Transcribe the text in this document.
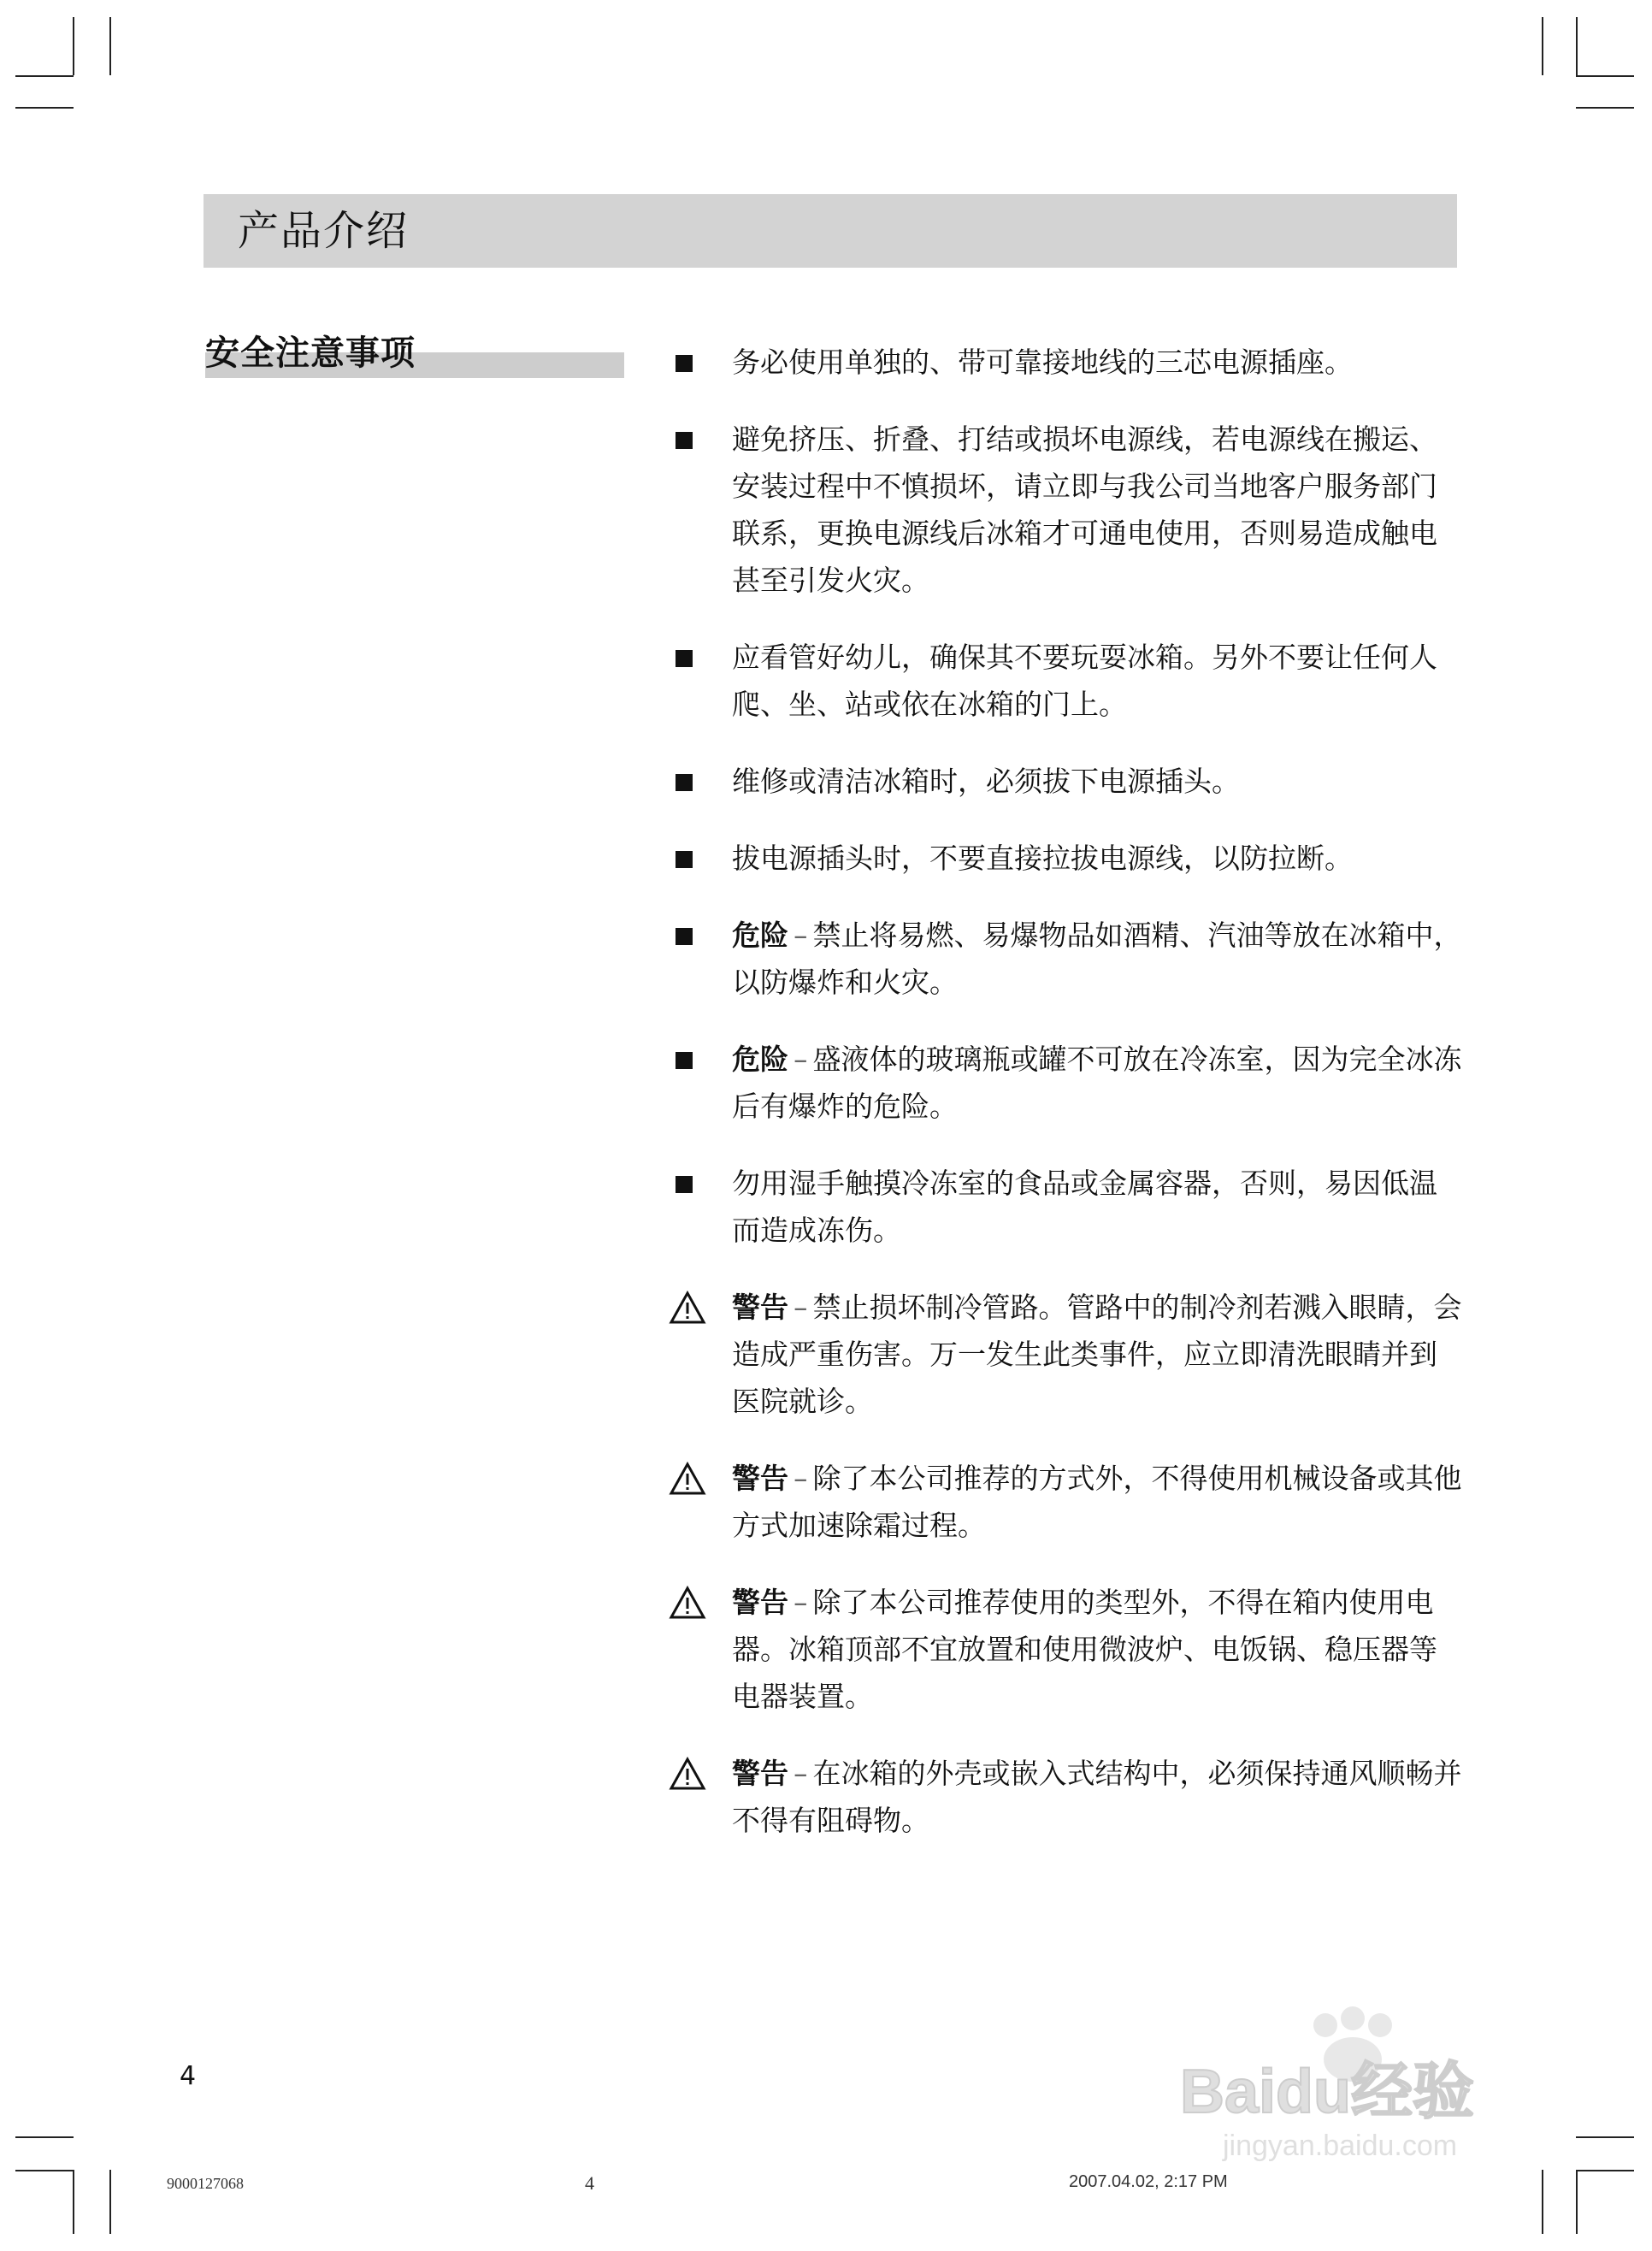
产品介绍
安全注意事项	务必使用单独的、带可靠接地线的三芯电源插座。
避免挤压、折叠、打结或损坏电源线，若电源线在搬运、安装过程中不慎损坏，请立即与我公司当地客户服务部门联系，更换电源线后冰箱才可通电使用，否则易造成触电甚至引发火灾。
应看管好幼儿，确保其不要玩耍冰箱。另外不要让任何人爬、坐、站或依在冰箱的门上。
维修或清洁冰箱时，必须拔下电源插头。
拔电源插头时，不要直接拉拔电源线，以防拉断。
危险 – 禁止将易燃、易爆物品如酒精、汽油等放在冰箱中，以防爆炸和火灾。
危险 – 盛液体的玻璃瓶或罐不可放在冷冻室，因为完全冰冻后有爆炸的危险。
勿用湿手触摸冷冻室的食品或金属容器，否则，易因低温而造成冻伤。
警告 – 禁止损坏制冷管路。管路中的制冷剂若溅入眼睛，会造成严重伤害。万一发生此类事件，应立即清洗眼睛并到医院就诊。
警告 – 除了本公司推荐的方式外，不得使用机械设备或其他方式加速除霜过程。
警告 – 除了本公司推荐使用的类型外，不得在箱内使用电器。冰箱顶部不宜放置和使用微波炉、电饭锅、稳压器等电器装置。
警告 – 在冰箱的外壳或嵌入式结构中，必须保持通风顺畅并不得有阻碍物。
4	Baidu经验
jingyan.baidu.com
9000127068	4	2007.04.02, 2:17 PM
